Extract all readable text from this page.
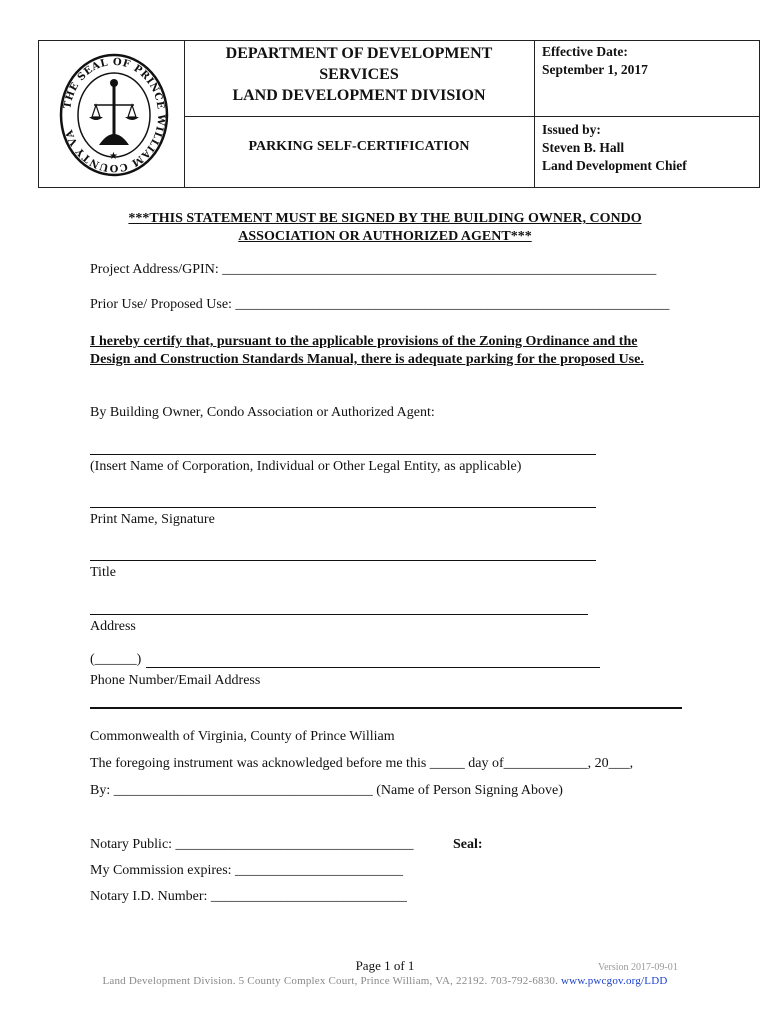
THE SEAL OF PRINCE WILLIAM COUNTY VA
★
DEPARTMENT OF DEVELOPMENT
SERVICES
LAND DEVELOPMENT DIVISION
PARKING SELF-CERTIFICATION
Effective Date:
September 1, 2017
Issued by:
Steven B. Hall
Land Development Chief
***THIS STATEMENT MUST BE SIGNED BY THE BUILDING OWNER, CONDO
ASSOCIATION OR AUTHORIZED AGENT***
Project Address/GPIN: ______________________________________________________________
Prior Use/ Proposed Use: ______________________________________________________________
I hereby certify that, pursuant to the applicable provisions of the Zoning Ordinance and the Design and Construction Standards Manual, there is adequate parking for the proposed Use.
By Building Owner, Condo Association or Authorized Agent:
(Insert Name of Corporation, Individual or Other Legal Entity, as applicable)
Print Name, Signature
Title
Address
(______)
Phone Number/Email Address
Commonwealth of Virginia, County of Prince William
The foregoing instrument was acknowledged before me this _____ day of____________, 20___,
By: _____________________________________ (Name of Person Signing Above)
Notary Public: __________________________________	Seal:
My Commission expires: ________________________
Notary I.D. Number: ____________________________
Page 1 of 1	Version 2017-09-01
Land Development Division. 5 County Complex Court, Prince William, VA, 22192. 703-792-6830. www.pwcgov.org/LDD
